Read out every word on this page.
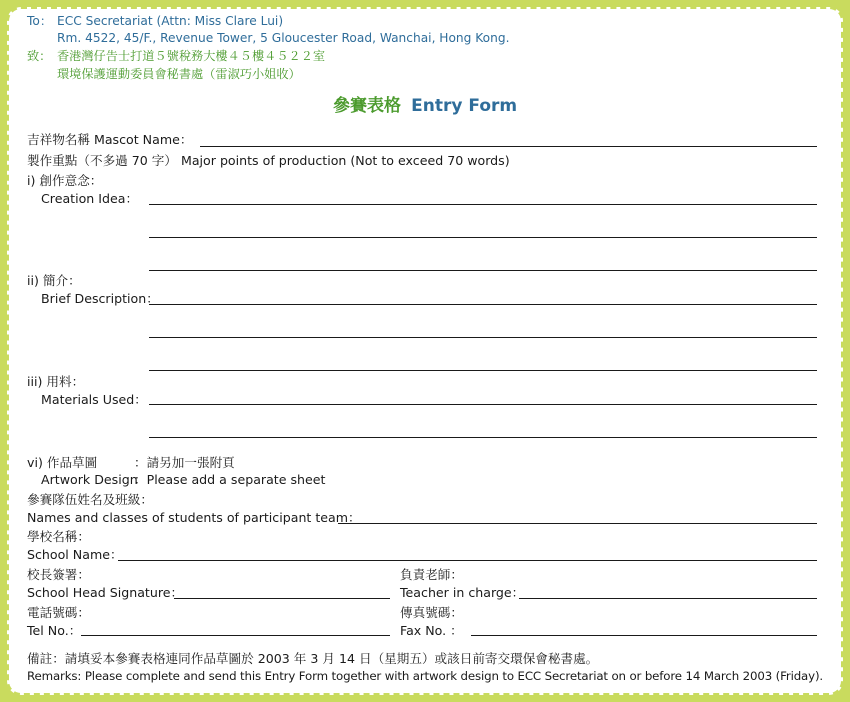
To： ECC Secretariat (Attn: Miss Clare Lui)
Rm. 4522, 45/F., Revenue Tower, 5 Gloucester Road, Wanchai, Hong Kong.
致： 香港灣仔告士打道５號稅務大樓４５樓４５２２室
環境保護運動委員會秘書處（雷淑巧小姐收）
參賽表格 Entry Form
吉祥物名稱 Mascot Name：
製作重點（不多過 70 字） Major points of production (Not to exceed 70 words)
i) 創作意念：
Creation Idea：
ii) 簡介：
Brief Description：
iii) 用料：
Materials Used：
vi) 作品草圖	：請另加一張附頁
Artwork Design
：Please add a separate sheet
參賽隊伍姓名及班級：
Names and classes of students of participant team：
學校名稱：
School Name：
校長簽署：
School Head Signature：
負責老師：
Teacher in charge：
電話號碼：
Tel No.：
傳真號碼：
Fax No. ：
備註：請填妥本參賽表格連同作品草圖於 2003 年 3 月 14 日（星期五）或該日前寄交環保會秘書處。
Remarks: Please complete and send this Entry Form together with artwork design to ECC Secretariat on or before 14 March 2003 (Friday).
